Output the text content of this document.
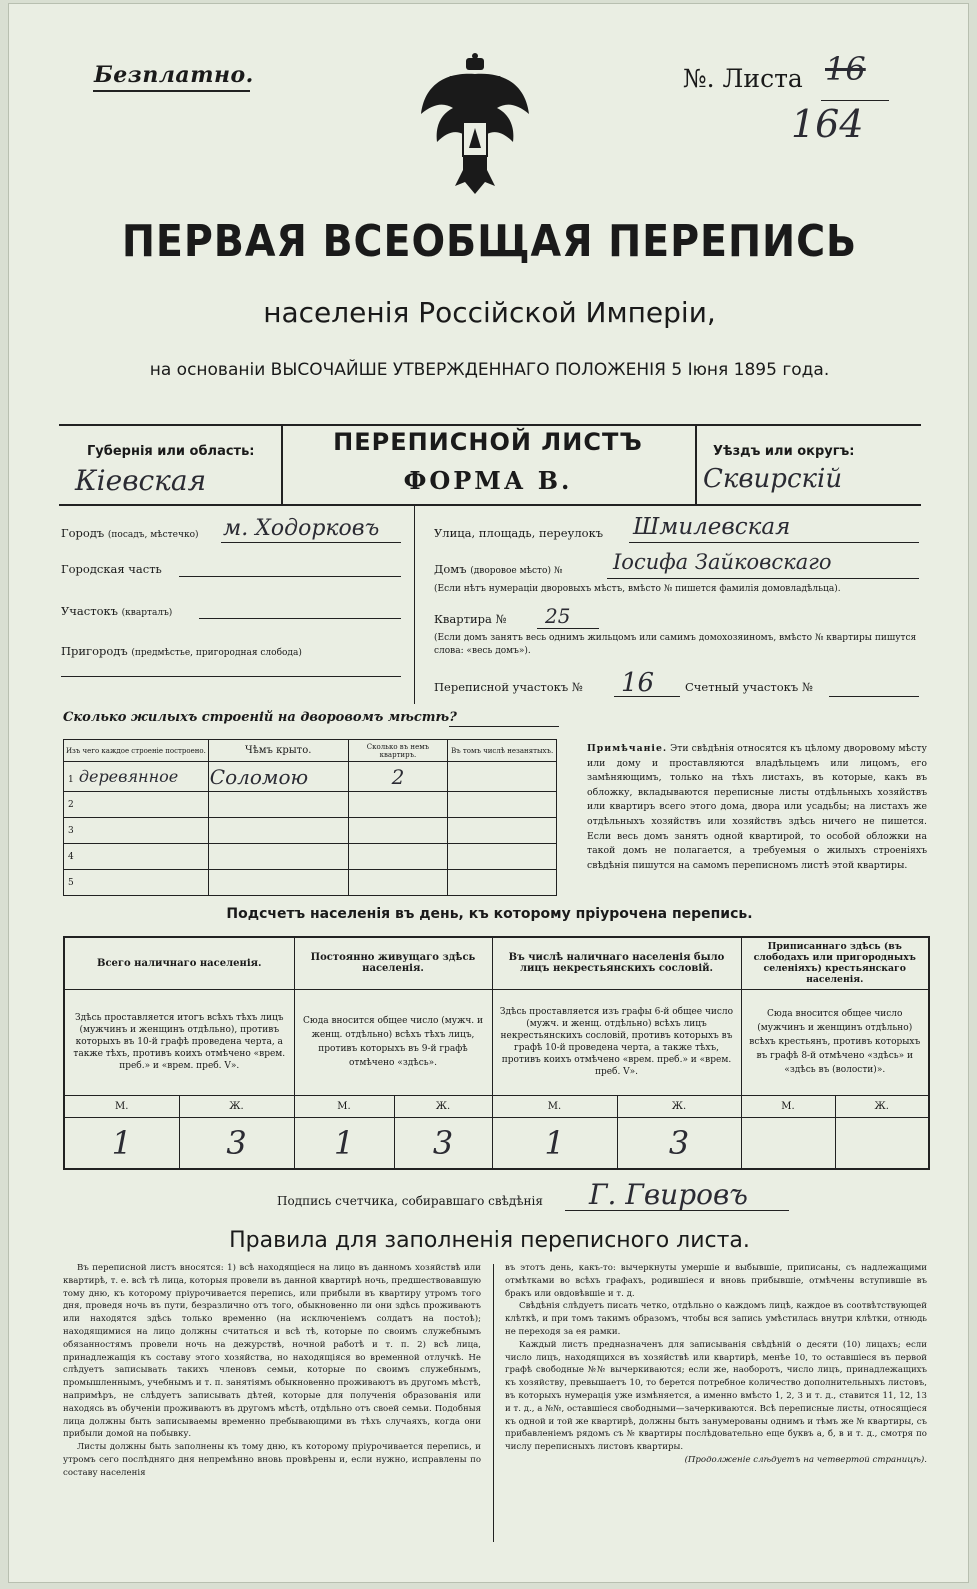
Безплатно.	№. Листа 16
164
ПЕРВАЯ ВСЕОБЩАЯ ПЕРЕПИСЬ
населенія Россійской Имперіи,
на основаніи ВЫСОЧАЙШЕ УТВЕРЖДЕННАГО ПОЛОЖЕНІЯ 5 Іюня 1895 года.
Губернія или область:
Кіевская
ПЕРЕПИСНОЙ ЛИСТЪ
ФОРМА В.
Уѣздъ или округъ:
Сквирскій
Городъ (посадъ, мѣстечко) м. Ходорковъ
Городская часть
Участокъ (кварталъ)
Пригородъ (предмѣстье, пригородная слобода)
Улица, площадь, переулокъ Шмилевская
Домъ (дворовое мѣсто) № Іосифа Зайковскаго
(Если нѣтъ нумераціи дворовыхъ мѣстъ, вмѣсто № пишется фамилія домовладѣльца).
Квартира № 25
(Если домъ занятъ весь однимъ жильцомъ или самимъ домохозяиномъ, вмѣсто № квартиры пишутся слова: «весь домъ»).
Переписной участокъ № 16	Счетный участокъ №
Сколько жилыхъ строеній на дворовомъ мѣстѣ?
Изъ чего каждое строеніе построено.	Чѣмъ крыто.	Сколько въ немъ квартиръ.	Въ томъ числѣ незанятыхъ.
1 деревянное	Соломою	2	
2			
3			
4			
5			
Примѣчаніе. Эти свѣдѣнія относятся къ цѣлому дворовому мѣсту или дому и проставляются владѣльцемъ или лицомъ, его замѣняющимъ, только на тѣхъ листахъ, въ которые, какъ въ обложку, вкладываются переписные листы отдѣльныхъ хозяйствъ или квартиръ всего этого дома, двора или усадьбы; на листахъ же отдѣльныхъ хозяйствъ или хозяйствъ здѣсь ничего не пишется. Если весь домъ занятъ одной квартирой, то особой обложки на такой домъ не полагается, а требуемыя о жилыхъ строеніяхъ свѣдѣнія пишутся на самомъ переписномъ листѣ этой квартиры.
Подсчетъ населенія въ день, къ которому пріурочена перепись.
Всего наличнаго населенія.		Постоянно живущаго здѣсь населенія.		Въ числѣ наличнаго населенія было лицъ некрестьянскихъ сословій.		Приписаннаго здѣсь (въ слободахъ или пригородныхъ селеніяхъ) крестьянскаго населенія.	
Здѣсь проставляется итогъ всѣхъ тѣхъ лицъ (мужчинъ и женщинъ отдѣльно), противъ которыхъ въ 10-й графѣ проведена черта, а также тѣхъ, противъ коихъ отмѣчено «врем. преб.» и «врем. преб. V».		Сюда вносится общее число (мужч. и женщ. отдѣльно) всѣхъ тѣхъ лицъ, противъ которыхъ въ 9-й графѣ отмѣчено «здѣсь».		Здѣсь проставляется изъ графы 6-й общее число (мужч. и женщ. отдѣльно) всѣхъ лицъ некрестьянскихъ сословій, противъ которыхъ въ графѣ 10-й проведена черта, а также тѣхъ, противъ коихъ отмѣчено «врем. преб.» и «врем. преб. V».		Сюда вносится общее число (мужчинъ и женщинъ отдѣльно) всѣхъ крестьянъ, противъ которыхъ въ графѣ 8-й отмѣчено «здѣсь» и «здѣсь въ (волости)».	
М.	Ж.	М.	Ж.	М.	Ж.	М.	Ж.
1	3	1	3	1	3		
Подпись счетчика, собиравшаго свѣдѣнія Г. Гвировъ
Правила для заполненія переписного листа.

Въ переписной листъ вносятся: 1) всѣ находящіеся на лицо въ данномъ хозяйствѣ или квартирѣ, т. е. всѣ тѣ лица, которыя провели въ данной квартирѣ ночь, предшествовавшую тому дню, къ которому пріурочивается перепись, или прибыли въ квартиру утромъ того дня, проведя ночь въ пути, безразлично отъ того, обыкновенно ли они здѣсь проживаютъ или находятся здѣсь только временно (на исключеніемъ солдатъ на постоѣ); находящимися на лицо должны считаться и всѣ тѣ, которые по своимъ служебнымъ обязанностямъ провели ночь на дежурствѣ, ночной работѣ и т. п. 2) всѣ лица, принадлежащія къ составу этого хозяйства, но находящіяся во временной отлучкѣ. Не слѣдуетъ записывать такихъ членовъ семьи, которые по своимъ служебнымъ, промышленнымъ, учебнымъ и т. п. занятіямъ обыкновенно проживаютъ въ другомъ мѣстѣ, напримѣръ, не слѣдуетъ записывать дѣтей, которые для полученія образованія или находясь въ обученіи проживаютъ въ другомъ мѣстѣ, отдѣльно отъ своей семьи. Подобныя лица должны быть записываемы временно пребывающими въ тѣхъ случаяхъ, когда они прибыли домой на побывку.

Листы должны быть заполнены къ тому дню, къ которому пріурочивается перепись, и утромъ сего послѣдняго дня непремѣнно вновь провѣрены и, если нужно, исправлены по составу населенія

въ этотъ день, какъ-то: вычеркнуты умершіе и выбывшіе, приписаны, съ надлежащими отмѣтками во всѣхъ графахъ, родившіеся и вновь прибывшіе, отмѣчены вступившіе въ бракъ или овдовѣвшіе и т. д.

Свѣдѣнія слѣдуетъ писать четко, отдѣльно о каждомъ лицѣ, каждое въ соотвѣтствующей клѣткѣ, и при томъ такимъ образомъ, чтобы вся запись умѣстилась внутри клѣтки, отнюдь не переходя за ея рамки.

Каждый листъ предназначенъ для записыванія свѣдѣній о десяти (10) лицахъ; если число лицъ, находящихся въ хозяйствѣ или квартирѣ, менѣе 10, то оставшіеся въ первой графѣ свободные №№ вычеркиваются; если же, наоборотъ, число лицъ, принадлежащихъ къ хозяйству, превышаетъ 10, то берется потребное количество дополнительныхъ листовъ, въ которыхъ нумерація уже измѣняется, а именно вмѣсто 1, 2, 3 и т. д., ставится 11, 12, 13 и т. д., а №№, оставшіеся свободными—зачеркиваются. Всѣ переписные листы, относящіеся къ одной и той же квартирѣ, должны быть занумерованы однимъ и тѣмъ же № квартиры, съ прибавленіемъ рядомъ съ № квартиры послѣдовательно еще буквъ а, б, в и т. д., смотря по числу переписныхъ листовъ квартиры.

(Продолженіе слѣдуетъ на четвертой страницѣ).
